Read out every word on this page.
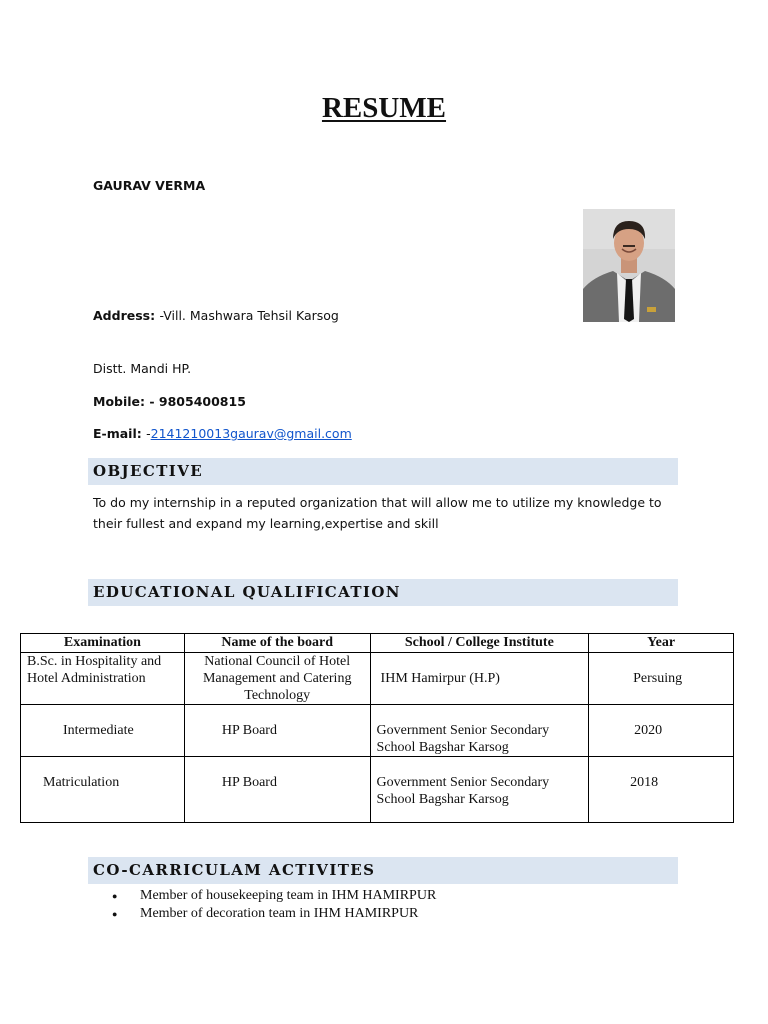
RESUME
GAURAV VERMA
Address: -Vill. Mashwara Tehsil Karsog
Distt. Mandi HP.
Mobile: - 9805400815
E-mail: -2141210013gaurav@gmail.com
OBJECTIVE
To do my internship in a reputed organization that will allow me to utilize my knowledge to their fullest and expand my learning,expertise and skill
EDUCATIONAL QUALIFICATION
Examination	Name of the board	School / College Institute	Year
B.Sc. in Hospitality and Hotel Administration	National Council of Hotel Management and Catering Technology	IHM Hamirpur (H.P)	Persuing
Intermediate	HP Board	Government Senior Secondary School Bagshar Karsog	2020
Matriculation	HP Board	Government Senior Secondary School Bagshar Karsog	2018
CO-CARRICULAM ACTIVITES
● Member of housekeeping team in IHM HAMIRPUR
● Member of decoration team in IHM HAMIRPUR
